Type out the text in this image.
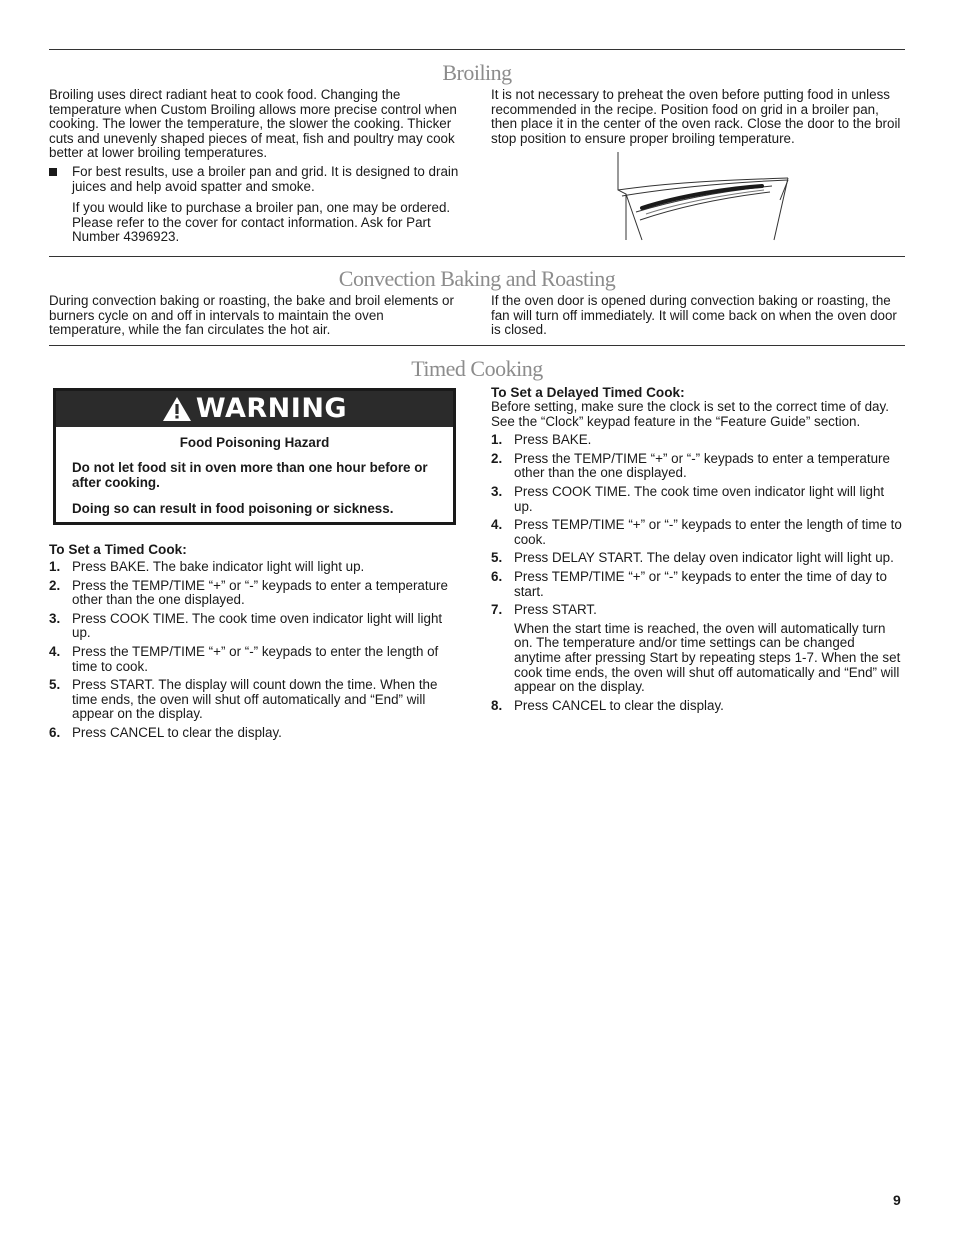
Broiling

Broiling uses direct radiant heat to cook food. Changing the temperature when Custom Broiling allows more precise control when cooking. The lower the temperature, the slower the cooking. Thicker cuts and unevenly shaped pieces of meat, fish and poultry may cook better at lower broiling temperatures.

For best results, use a broiler pan and grid. It is designed to drain juices and help avoid spatter and smoke.

If you would like to purchase a broiler pan, one may be ordered. Please refer to the cover for contact information. Ask for Part Number 4396923.

It is not necessary to preheat the oven before putting food in unless recommended in the recipe. Position food on grid in a broiler pan, then place it in the center of the oven rack. Close the door to the broil stop position to ensure proper broiling temperature.

Convection Baking and Roasting

During convection baking or roasting, the bake and broil elements or burners cycle on and off in intervals to maintain the oven temperature, while the fan circulates the hot air.

If the oven door is opened during convection baking or roasting, the fan will turn off immediately. It will come back on when the oven door is closed.

Timed Cooking
WARNING

Food Poisoning Hazard

Do not let food sit in oven more than one hour before or after cooking.

Doing so can result in food poisoning or sickness.

To Set a Timed Cook:

1. Press BAKE. The bake indicator light will light up.
2. Press the TEMP/TIME “+” or “-” keypads to enter a temperature other than the one displayed.
3. Press COOK TIME. The cook time oven indicator light will light up.
4. Press the TEMP/TIME “+” or “-” keypads to enter the length of time to cook.
5. Press START. The display will count down the time. When the time ends, the oven will shut off automatically and “End” will appear on the display.
6. Press CANCEL to clear the display.

To Set a Delayed Timed Cook:

Before setting, make sure the clock is set to the correct time of day. See the “Clock” keypad feature in the “Feature Guide” section.

1. Press BAKE.
2. Press the TEMP/TIME “+” or “-” keypads to enter a temperature other than the one displayed.
3. Press COOK TIME. The cook time oven indicator light will light up.
4. Press TEMP/TIME “+” or “-” keypads to enter the length of time to cook.
5. Press DELAY START. The delay oven indicator light will light up.
6. Press TEMP/TIME “+” or “-” keypads to enter the time of day to start.
7. Press START.

When the start time is reached, the oven will automatically turn on. The temperature and/or time settings can be changed anytime after pressing Start by repeating steps 1-7. When the set cook time ends, the oven will shut off automatically and “End” will appear on the display.

8. Press CANCEL to clear the display.
9
